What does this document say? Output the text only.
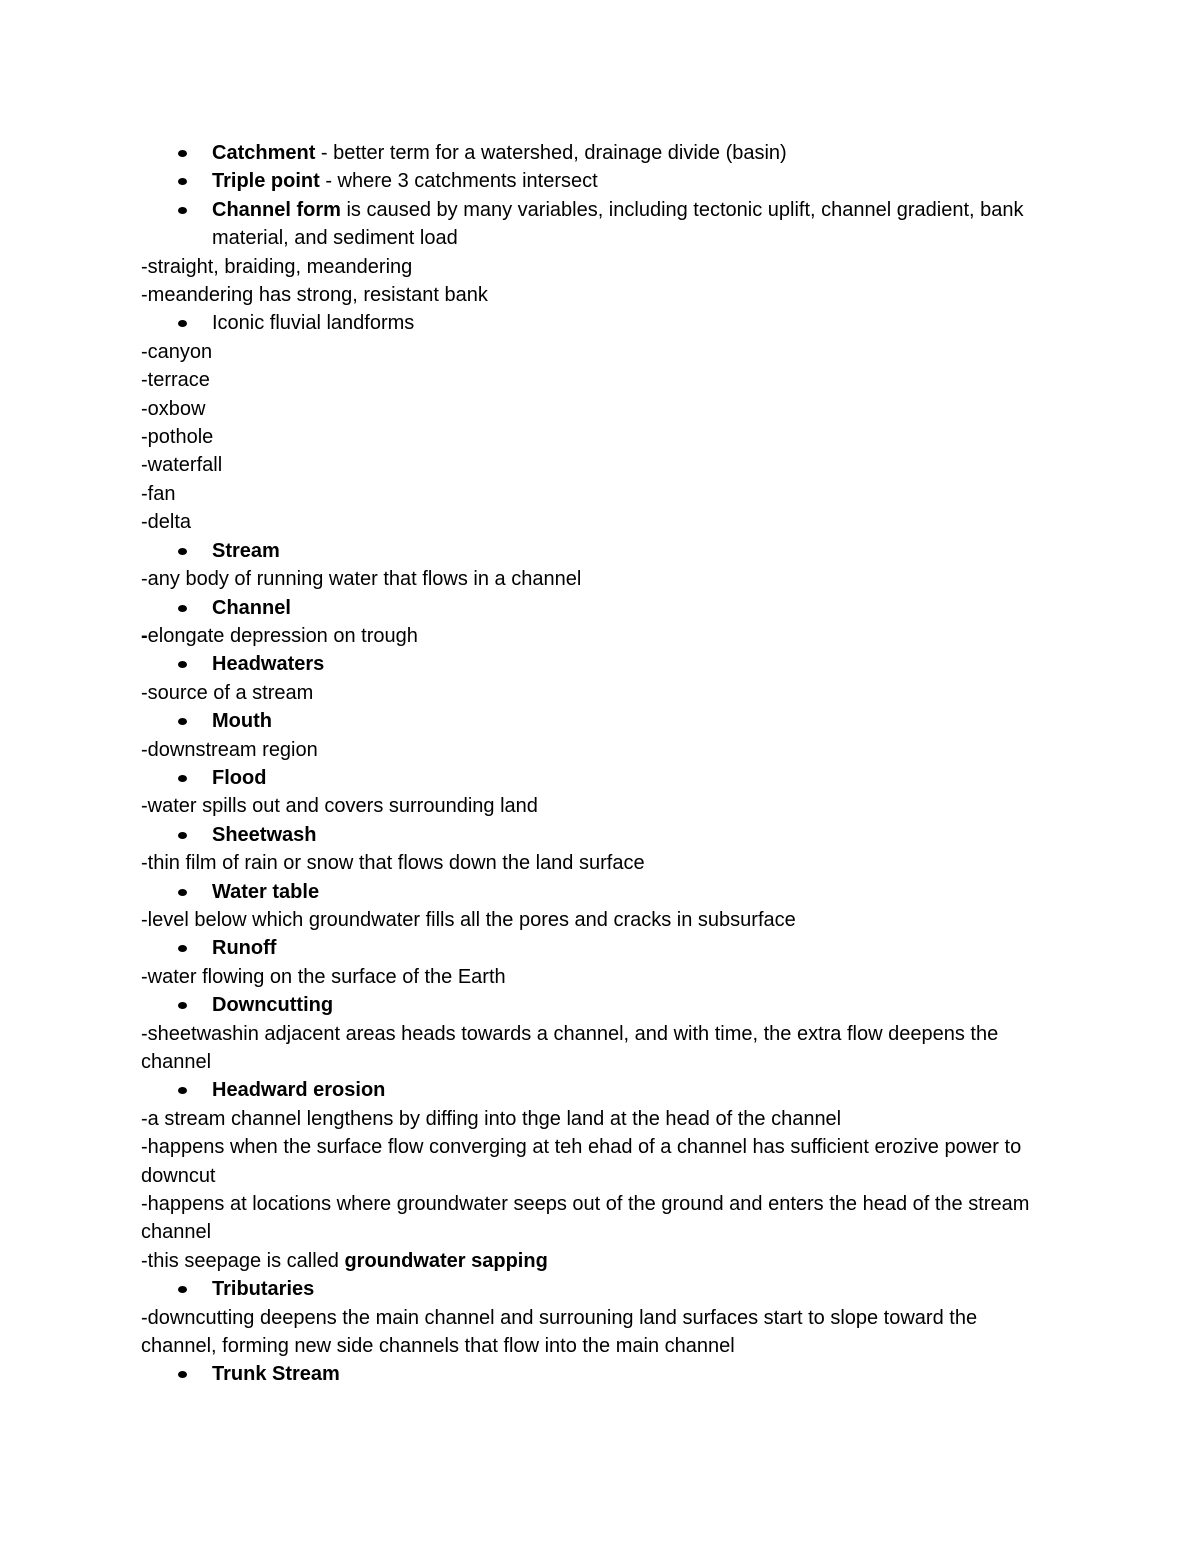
Catchment - better term for a watershed, drainage divide (basin)
Triple point - where 3 catchments intersect
Channel form is caused by many variables, including tectonic uplift, channel gradient, bank material, and sediment load
-straight, braiding, meandering
-meandering has strong, resistant bank
Iconic fluvial landforms
-canyon
-terrace
-oxbow
-pothole
-waterfall
-fan
-delta
Stream
-any body of running water that flows in a channel
Channel
-elongate depression on trough
Headwaters
-source of a stream
Mouth
-downstream region
Flood
-water spills out and covers surrounding land
Sheetwash
-thin film of rain or snow that flows down the land surface
Water table
-level below which groundwater fills all the pores and cracks in subsurface
Runoff
-water flowing on the surface of the Earth
Downcutting
-sheetwashin adjacent areas heads towards a channel, and with time, the extra flow deepens the channel
Headward erosion
-a stream channel lengthens by diffing into thge land at the head of the channel
-happens when the surface flow converging at teh ehad of a channel has sufficient erozive power to downcut
-happens at locations where groundwater seeps out of the ground and enters the head of the stream channel
-this seepage is called groundwater sapping
Tributaries
-downcutting deepens the main channel and surrouning land surfaces start to slope toward the channel, forming new side channels that flow into the main channel
Trunk Stream
